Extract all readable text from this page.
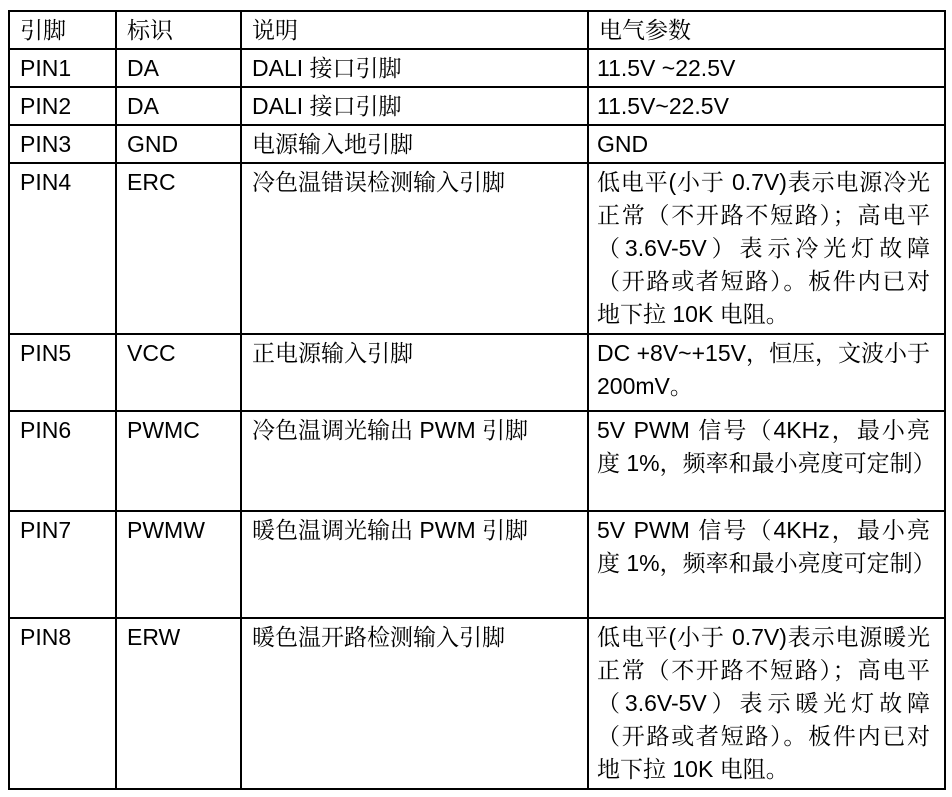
引脚	标识	说明	电气参数
PIN1	DA	DALI 接口引脚	11.5V ~22.5V
PIN2	DA	DALI 接口引脚	11.5V~22.5V
PIN3	GND	电源输入地引脚	GND
PIN4	ERC	冷色温错误检测输入引脚	低电平(小于 0.7V)表示电源冷光正常（不开路不短路）；高电平（3.6V-5V）表示冷光灯故障（开路或者短路）。板件内已对地下拉 10K 电阻。
PIN5	VCC	正电源输入引脚	DC +8V~+15V，恒压，文波小于 200mV。
PIN6	PWMC	冷色温调光输出 PWM 引脚	5V PWM 信号（4KHz，最小亮度 1%，频率和最小亮度可定制）
PIN7	PWMW	暖色温调光输出 PWM 引脚	5V PWM 信号（4KHz，最小亮度 1%，频率和最小亮度可定制）
PIN8	ERW	暖色温开路检测输入引脚	低电平(小于 0.7V)表示电源暖光正常（不开路不短路）；高电平（3.6V-5V）表示暖光灯故障（开路或者短路）。板件内已对地下拉 10K 电阻。
